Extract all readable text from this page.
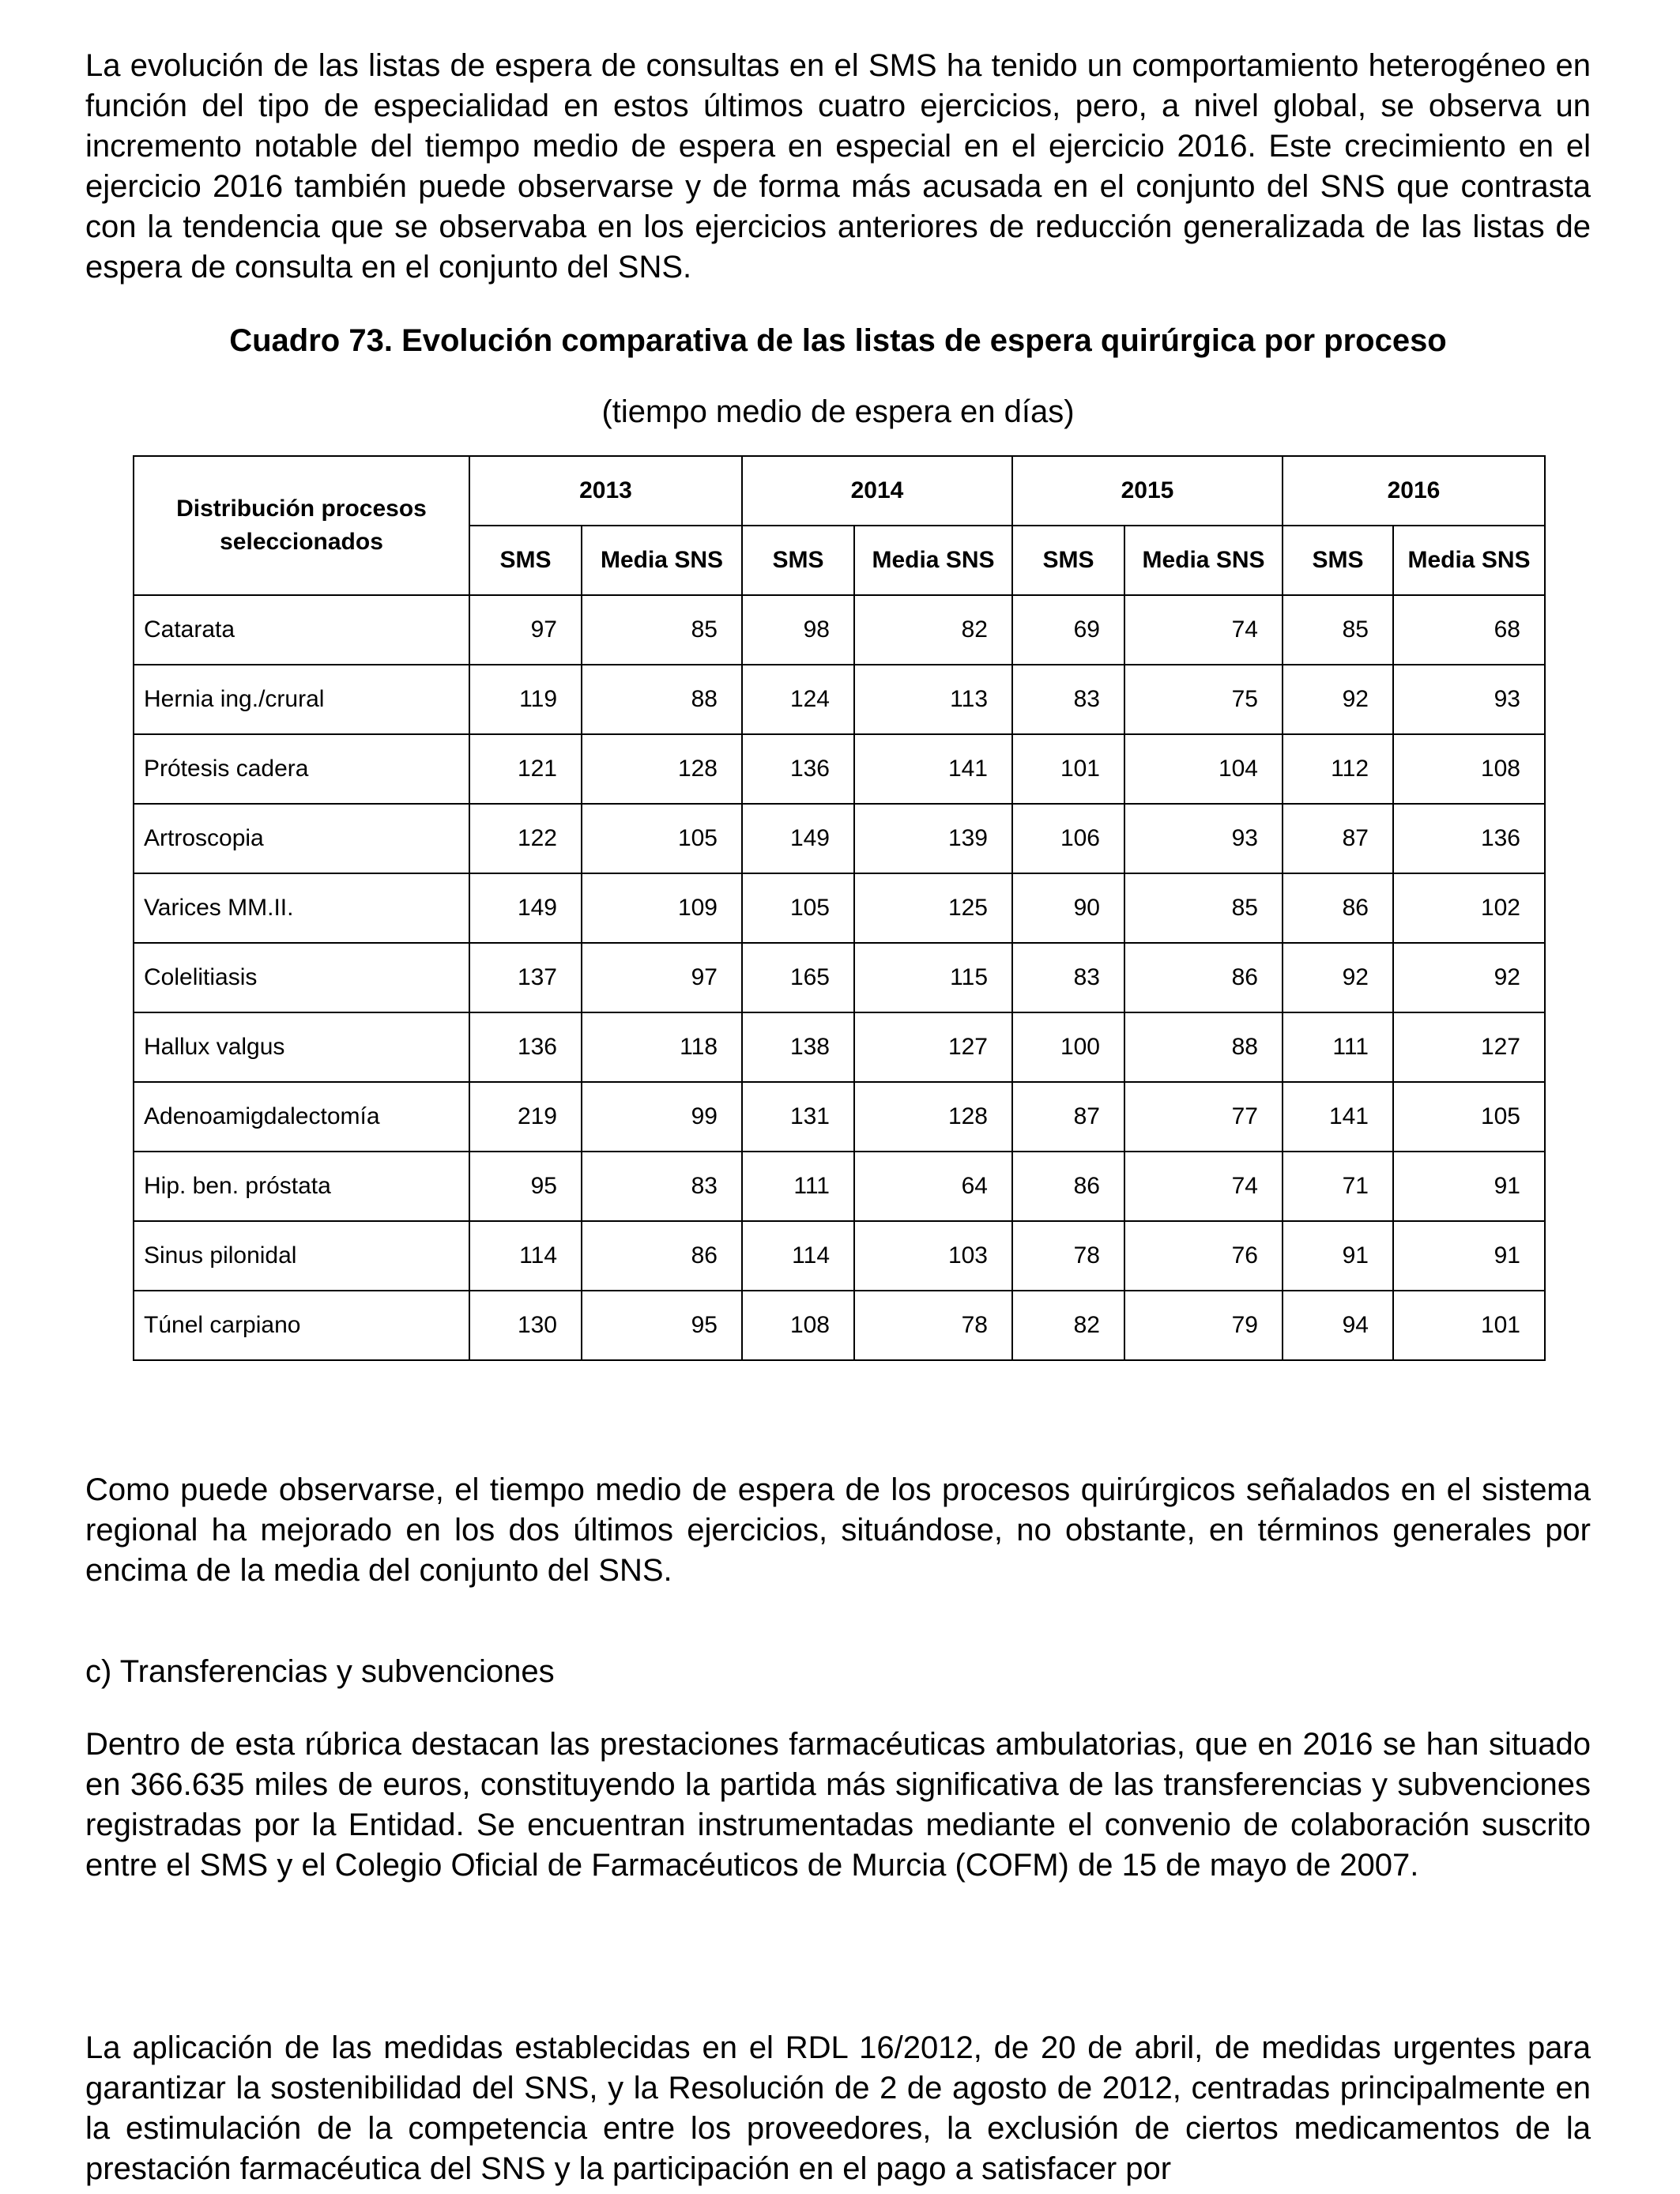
La evolución de las listas de espera de consultas en el SMS ha tenido un comportamiento heterogéneo en función del tipo de especialidad en estos últimos cuatro ejercicios, pero, a nivel global, se observa un incremento notable del tiempo medio de espera en especial en el ejercicio 2016. Este crecimiento en el ejercicio 2016 también puede observarse y de forma más acusada en el conjunto del SNS que contrasta con la tendencia que se observaba en los ejercicios anteriores de reducción generalizada de las listas de espera de consulta en el conjunto del SNS.

Cuadro 73. Evolución comparativa de las listas de espera quirúrgica por proceso

(tiempo medio de espera en días)

Distribución procesos seleccionados	2013		2014		2015		2016	
	SMS	Media SNS	SMS	Media SNS	SMS	Media SNS	SMS	Media SNS
Catarata	97	85	98	82	69	74	85	68
Hernia ing./crural	119	88	124	113	83	75	92	93
Prótesis cadera	121	128	136	141	101	104	112	108
Artroscopia	122	105	149	139	106	93	87	136
Varices MM.II.	149	109	105	125	90	85	86	102
Colelitiasis	137	97	165	115	83	86	92	92
Hallux valgus	136	118	138	127	100	88	111	127
Adenoamigdalectomía	219	99	131	128	87	77	141	105
Hip. ben. próstata	95	83	111	64	86	74	71	91
Sinus pilonidal	114	86	114	103	78	76	91	91
Túnel carpiano	130	95	108	78	82	79	94	101

Como puede observarse, el tiempo medio de espera de los procesos quirúrgicos señalados en el sistema regional ha mejorado en los dos últimos ejercicios, situándose, no obstante, en términos generales por encima de la media del conjunto del SNS.

c) Transferencias y subvenciones

Dentro de esta rúbrica destacan las prestaciones farmacéuticas ambulatorias, que en 2016 se han situado en 366.635 miles de euros, constituyendo la partida más significativa de las transferencias y subvenciones registradas por la Entidad. Se encuentran instrumentadas mediante el convenio de colaboración suscrito entre el SMS y el Colegio Oficial de Farmacéuticos de Murcia (COFM) de 15 de mayo de 2007.

La aplicación de las medidas establecidas en el RDL 16/2012, de 20 de abril, de medidas urgentes para garantizar la sostenibilidad del SNS, y la Resolución de 2 de agosto de 2012, centradas principalmente en la estimulación de la competencia entre los proveedores, la exclusión de ciertos medicamentos de la prestación farmacéutica del SNS y la participación en el pago a satisfacer por
